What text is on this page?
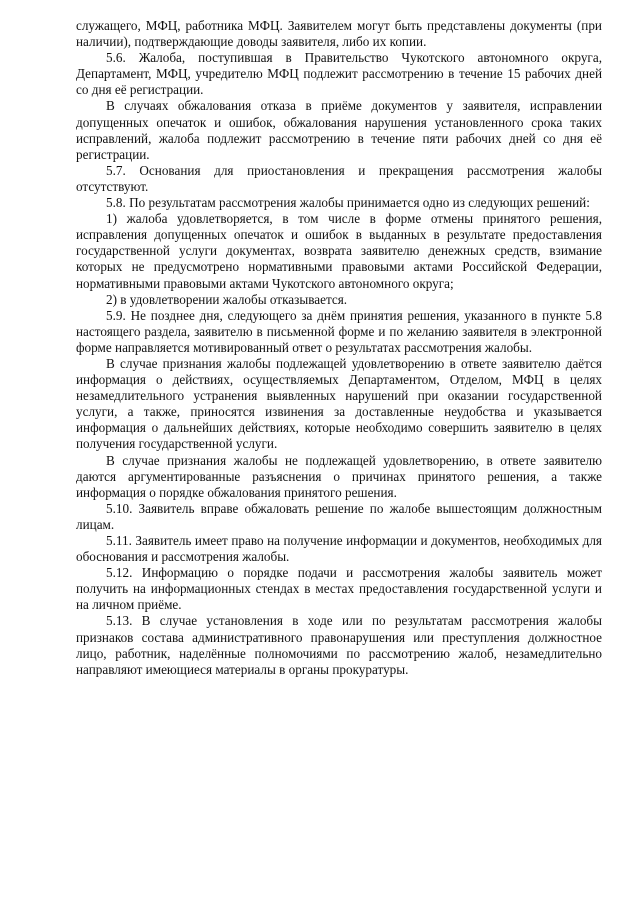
служащего, МФЦ, работника МФЦ. Заявителем могут быть представлены документы (при наличии), подтверждающие доводы заявителя, либо их копии.

5.6. Жалоба, поступившая в Правительство Чукотского автономного округа, Департамент, МФЦ, учредителю МФЦ подлежит рассмотрению в течение 15 рабочих дней со дня её регистрации.

В случаях обжалования отказа в приёме документов у заявителя, исправлении допущенных опечаток и ошибок, обжалования нарушения установленного срока таких исправлений, жалоба подлежит рассмотрению в течение пяти рабочих дней со дня её регистрации.

5.7. Основания для приостановления и прекращения рассмотрения жалобы отсутствуют.

5.8. По результатам рассмотрения жалобы принимается одно из следующих решений:

1) жалоба удовлетворяется, в том числе в форме отмены принятого решения, исправления допущенных опечаток и ошибок в выданных в результате предоставления государственной услуги документах, возврата заявителю денежных средств, взимание которых не предусмотрено нормативными правовыми актами Российской Федерации, нормативными правовыми актами Чукотского автономного округа;

2) в удовлетворении жалобы отказывается.

5.9. Не позднее дня, следующего за днём принятия решения, указанного в пункте 5.8 настоящего раздела, заявителю в письменной форме и по желанию заявителя в электронной форме направляется мотивированный ответ о результатах рассмотрения жалобы.

В случае признания жалобы подлежащей удовлетворению в ответе заявителю даётся информация о действиях, осуществляемых Департаментом, Отделом, МФЦ в целях незамедлительного устранения выявленных нарушений при оказании государственной услуги, а также, приносятся извинения за доставленные неудобства и указывается информация о дальнейших действиях, которые необходимо совершить заявителю в целях получения государственной услуги.

В случае признания жалобы не подлежащей удовлетворению, в ответе заявителю даются аргументированные разъяснения о причинах принятого решения, а также информация о порядке обжалования принятого решения.

5.10. Заявитель вправе обжаловать решение по жалобе вышестоящим должностным лицам.

5.11. Заявитель имеет право на получение информации и документов, необходимых для обоснования и рассмотрения жалобы.

5.12. Информацию о порядке подачи и рассмотрения жалобы заявитель может получить на информационных стендах в местах предоставления государственной услуги и на личном приёме.

5.13. В случае установления в ходе или по результатам рассмотрения жалобы признаков состава административного правонарушения или преступления должностное лицо, работник, наделённые полномочиями по рассмотрению жалоб, незамедлительно направляют имеющиеся материалы в органы прокуратуры.
